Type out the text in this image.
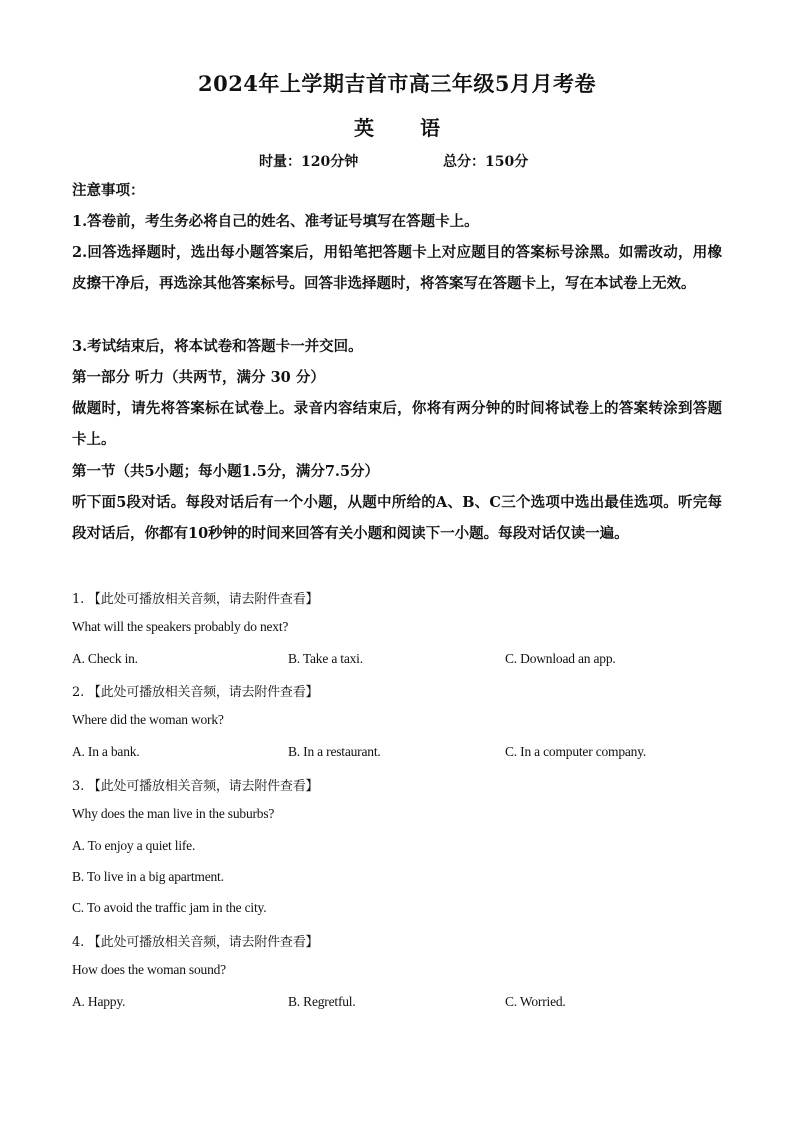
2024年上学期吉首市高三年级5月月考卷
英 语
时量：120分钟	总分：150分
注意事项：
1.答卷前，考生务必将自己的姓名、准考证号填写在答题卡上。
2.回答选择题时，选出每小题答案后，用铅笔把答题卡上对应题目的答案标号涂黑。如需改动，用橡皮擦干净后，再选涂其他答案标号。回答非选择题时，将答案写在答题卡上，写在本试卷上无效。
3.考试结束后，将本试卷和答题卡一并交回。
第一部分 听力（共两节，满分 30 分）
做题时，请先将答案标在试卷上。录音内容结束后，你将有两分钟的时间将试卷上的答案转涂到答题卡上。
第一节（共5小题；每小题1.5分，满分7.5分）
听下面5段对话。每段对话后有一个小题，从题中所给的A、B、C三个选项中选出最佳选项。听完每段对话后，你都有10秒钟的时间来回答有关小题和阅读下一小题。每段对话仅读一遍。
1. 【此处可播放相关音频，请去附件查看】
What will the speakers probably do next?
A. Check in.	B. Take a taxi.	C. Download an app.
2. 【此处可播放相关音频，请去附件查看】
Where did the woman work?
A. In a bank.	B. In a restaurant.	C. In a computer company.
3. 【此处可播放相关音频，请去附件查看】
Why does the man live in the suburbs?
A. To enjoy a quiet life.
B. To live in a big apartment.
C. To avoid the traffic jam in the city.
4. 【此处可播放相关音频，请去附件查看】
How does the woman sound?
A. Happy.	B. Regretful.	C. Worried.
